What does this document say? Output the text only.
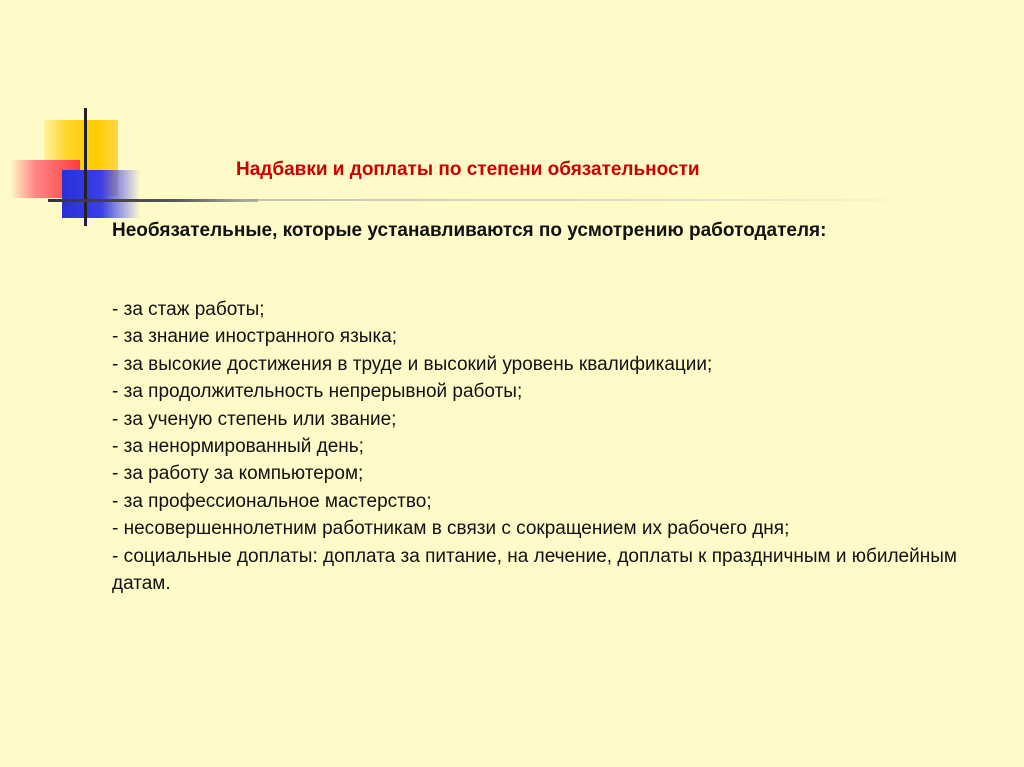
Надбавки и доплаты по степени обязательности
Необязательные, которые устанавливаются по усмотрению работодателя:
- за стаж работы;
- за знание иностранного языка;
- за высокие достижения в труде и высокий уровень квалификации;
- за продолжительность непрерывной работы;
- за ученую степень или звание;
- за ненормированный день;
- за работу за компьютером;
- за профессиональное мастерство;
- несовершеннолетним работникам в связи с сокращением их рабочего дня;
- социальные доплаты: доплата за питание, на лечение, доплаты к праздничным и юбилейным датам.
